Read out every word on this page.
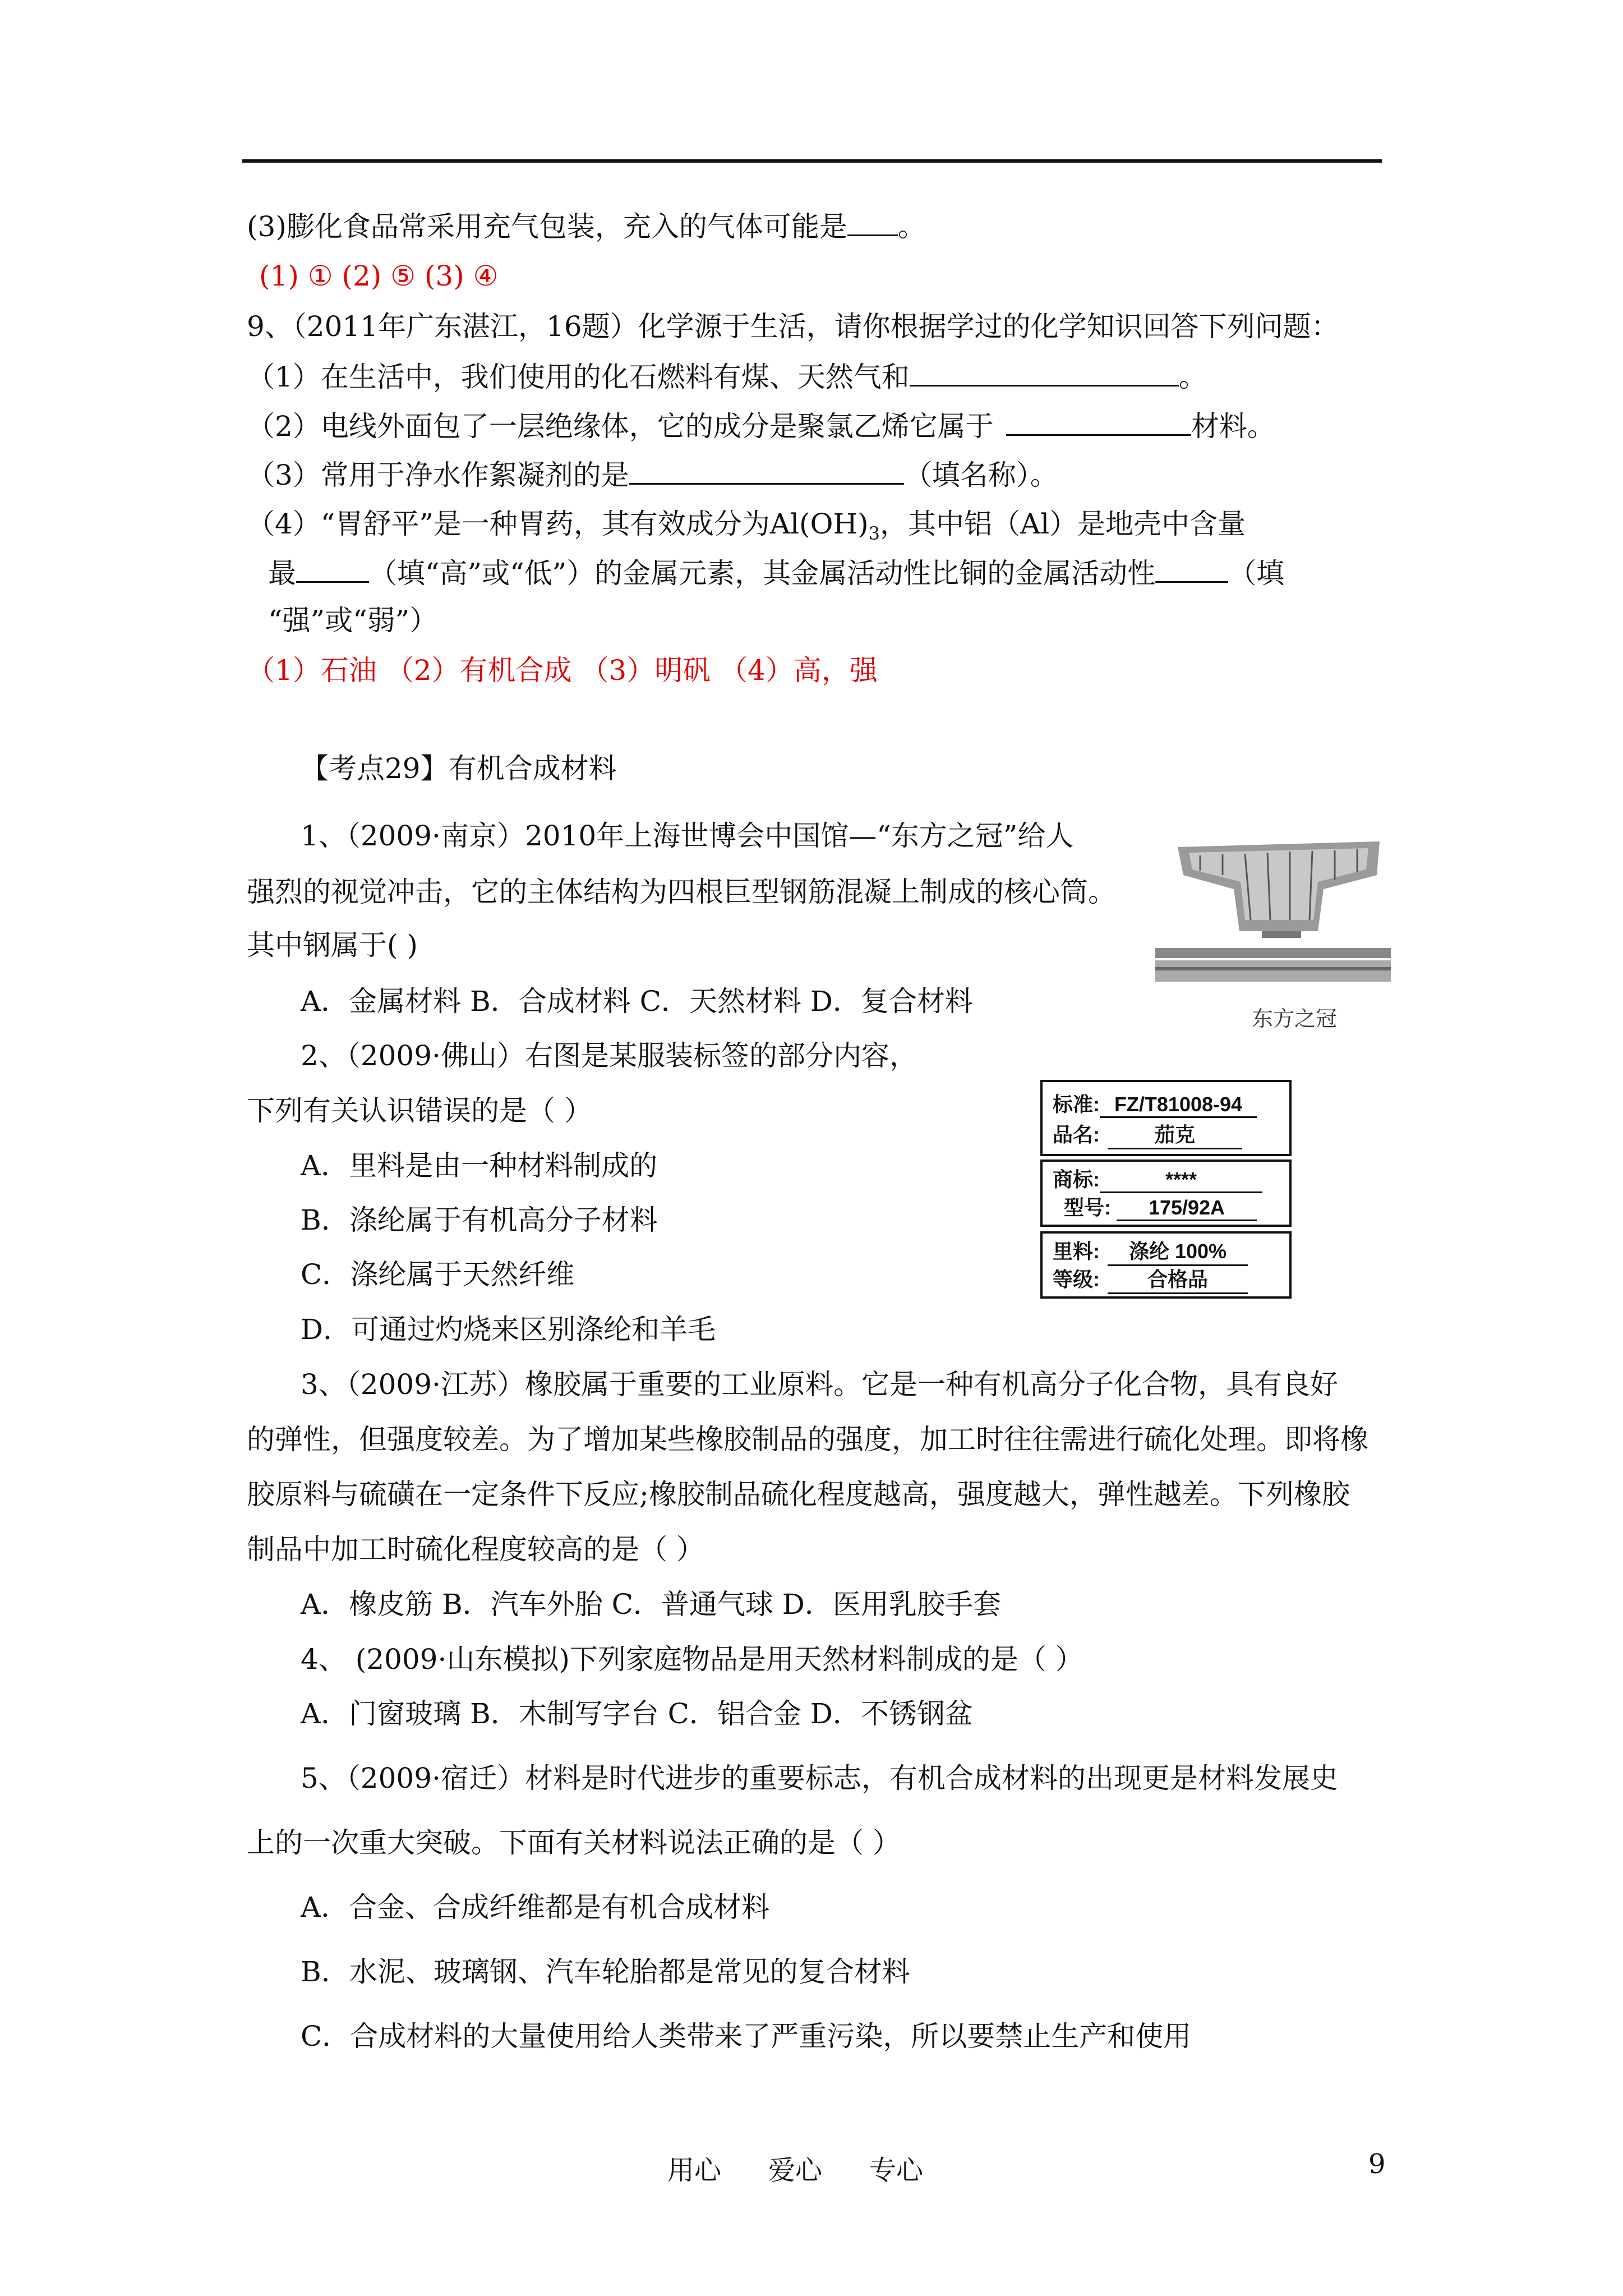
(3)膨化食品常采用充气包装，充入的气体可能是 。
(1) ① (2) ⑤ (3) ④
9、（2011年广东湛江，16题）化学源于生活，请你根据学过的化学知识回答下列问题：
（1）在生活中，我们使用的化石燃料有煤、天然气和	。
（2）电线外面包了一层绝缘体，它的成分是聚氯乙烯它属于	材料。
（3）常用于净水作絮凝剂的是	（填名称）。
（4）“胃舒平”是一种胃药，其有效成分为$Al(OH)_3$，其中铝（Al）是地壳中含量
最	（填“高”或“低”）的金属元素，其金属活动性比铜的金属活动性	（填
“强”或“弱”）
（1）石油 （2）有机合成 （3）明矾 （4）高，强
【考点29】有机合成材料
1、（2009·南京）2010年上海世博会中国馆—“东方之冠”给人
强烈的视觉冲击，它的主体结构为四根巨型钢筋混凝上制成的核心筒。
其中钢属于( )
A．金属材料 B．合成材料 C．天然材料 D．复合材料
东方之冠
2、（2009·佛山）右图是某服装标签的部分内容，
下列有关认识错误的是（ ）
A．里料是由一种材料制成的
B．涤纶属于有机高分子材料
C．涤纶属于天然纤维
D．可通过灼烧来区别涤纶和羊毛
标准: FZ/T81008-94
品名:	茄克
商标:	****
型号: 175/92A
里料: 涤纶 100%
等级: 合格品
3、（2009·江苏）橡胶属于重要的工业原料。它是一种有机高分子化合物，具有良好
的弹性，但强度较差。为了增加某些橡胶制品的强度，加工时往往需进行硫化处理。即将橡
胶原料与硫磺在一定条件下反应;橡胶制品硫化程度越高，强度越大，弹性越差。下列橡胶
制品中加工时硫化程度较高的是（ ）
A．橡皮筋 B．汽车外胎 C．普通气球 D．医用乳胶手套
4、 (2009·山东模拟)下列家庭物品是用天然材料制成的是（ ）
A．门窗玻璃 B．木制写字台 C．铝合金 D．不锈钢盆
5、（2009·宿迁）材料是时代进步的重要标志，有机合成材料的出现更是材料发展史
上的一次重大突破。下面有关材料说法正确的是（ ）
A．合金、合成纤维都是有机合成材料
B．水泥、玻璃钢、汽车轮胎都是常见的复合材料
C．合成材料的大量使用给人类带来了严重污染，所以要禁止生产和使用
用心 爱心 专心	9
